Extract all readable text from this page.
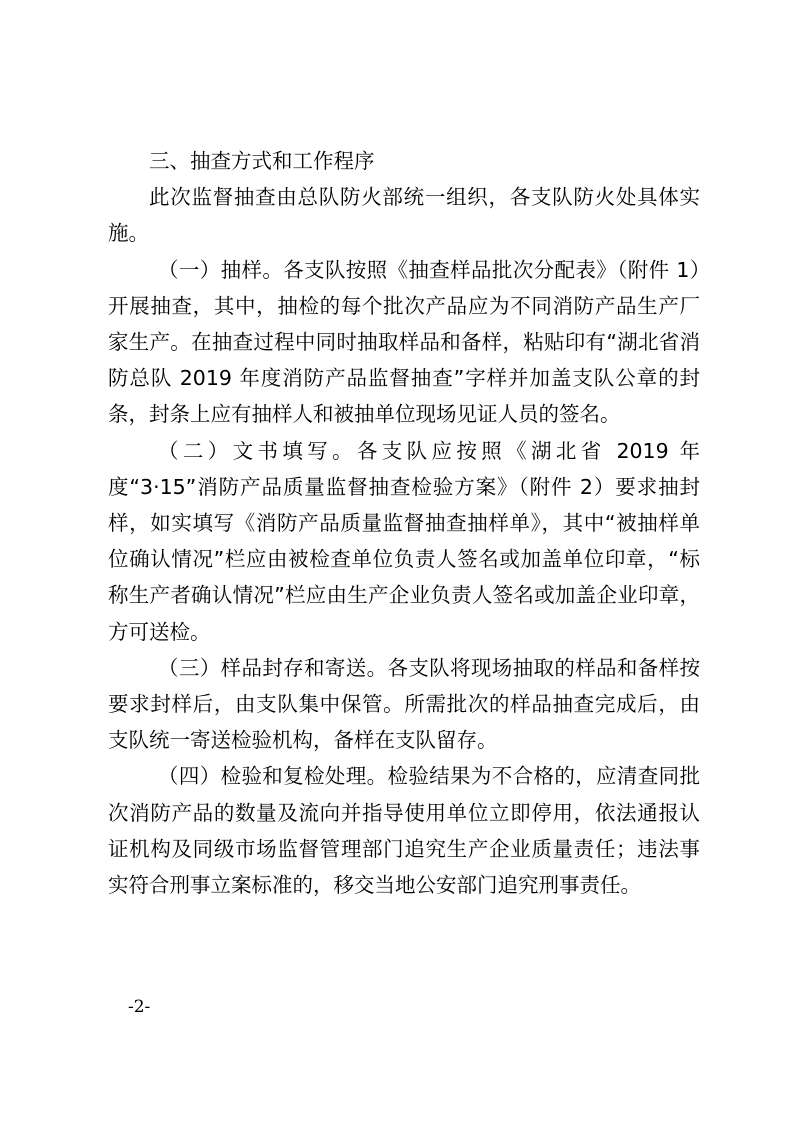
三、抽查方式和工作程序

此次监督抽查由总队防火部统一组织，各支队防火处具体实施。

（一）抽样。各支队按照《抽查样品批次分配表》（附件 1）开展抽查，其中，抽检的每个批次产品应为不同消防产品生产厂家生产。在抽查过程中同时抽取样品和备样，粘贴印有“湖北省消防总队 2019 年度消防产品监督抽查”字样并加盖支队公章的封条，封条上应有抽样人和被抽单位现场见证人员的签名。

（二）文书填写。各支队应按照《湖北省 2019 年度“3·15”消防产品质量监督抽查检验方案》（附件 2）要求抽封样，如实填写《消防产品质量监督抽查抽样单》，其中“被抽样单位确认情况”栏应由被检查单位负责人签名或加盖单位印章，“标称生产者确认情况”栏应由生产企业负责人签名或加盖企业印章，方可送检。

（三）样品封存和寄送。各支队将现场抽取的样品和备样按要求封样后，由支队集中保管。所需批次的样品抽查完成后，由支队统一寄送检验机构，备样在支队留存。

（四）检验和复检处理。检验结果为不合格的，应清查同批次消防产品的数量及流向并指导使用单位立即停用，依法通报认证机构及同级市场监督管理部门追究生产企业质量责任；违法事实符合刑事立案标准的，移交当地公安部门追究刑事责任。

-2-
